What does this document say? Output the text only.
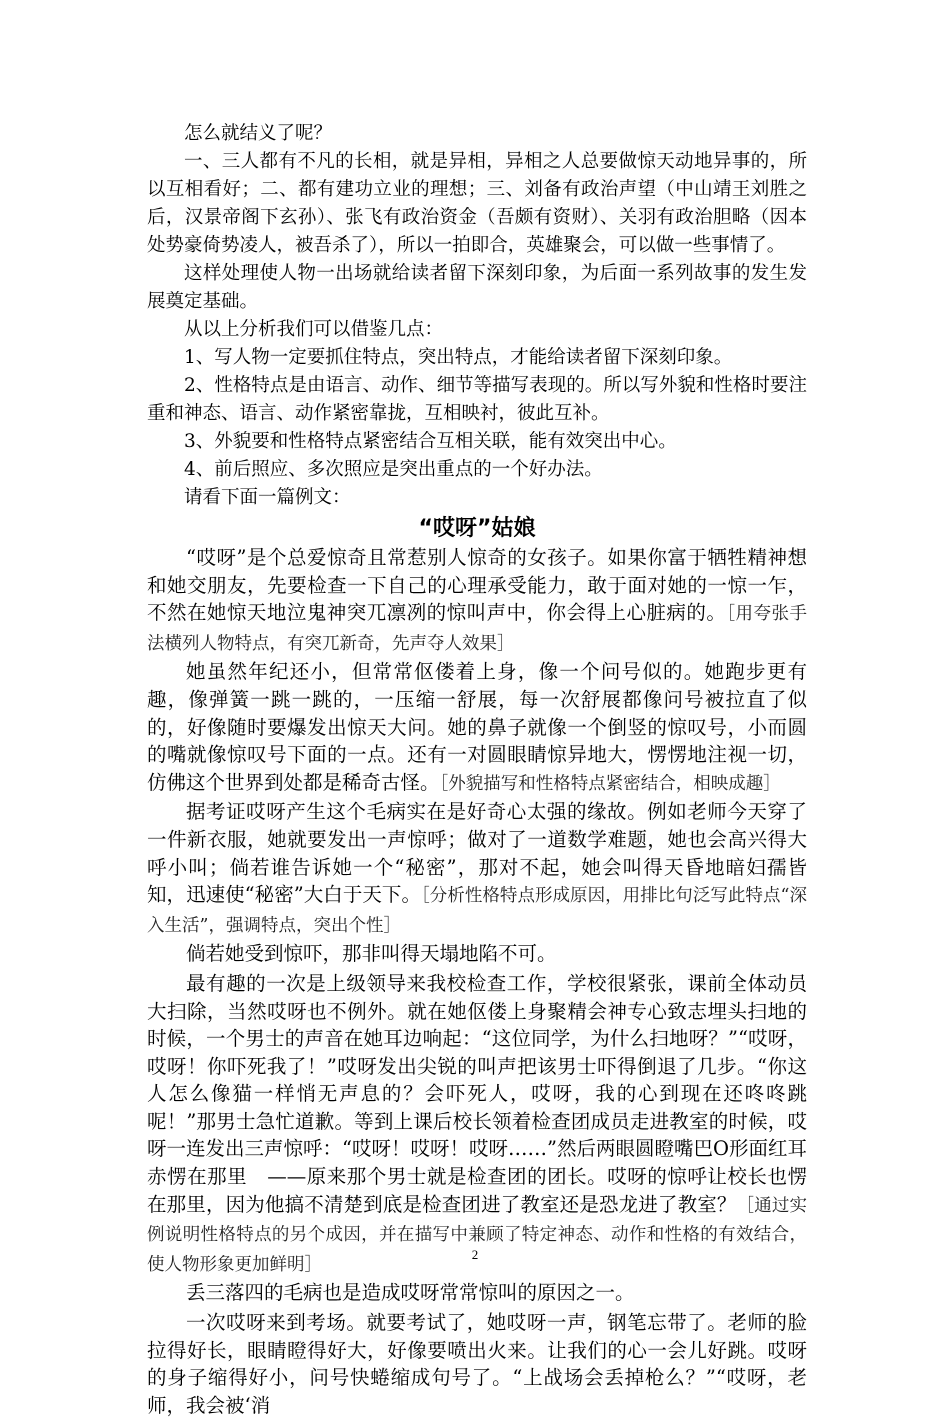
怎么就结义了呢？

一、三人都有不凡的长相，就是异相，异相之人总要做惊天动地异事的，所以互相看好；二、都有建功立业的理想；三、刘备有政治声望（中山靖王刘胜之后，汉景帝阁下玄孙）、张飞有政治资金（吾颇有资财）、关羽有政治胆略（因本处势豪倚势凌人，被吾杀了），所以一拍即合，英雄聚会，可以做一些事情了。

这样处理使人物一出场就给读者留下深刻印象，为后面一系列故事的发生发展奠定基础。

从以上分析我们可以借鉴几点：

1、写人物一定要抓住特点，突出特点，才能给读者留下深刻印象。

2、性格特点是由语言、动作、细节等描写表现的。所以写外貌和性格时要注重和神态、语言、动作紧密靠拢，互相映衬，彼此互补。

3、外貌要和性格特点紧密结合互相关联，能有效突出中心。

4、前后照应、多次照应是突出重点的一个好办法。

请看下面一篇例文：

“哎呀”姑娘

“哎呀”是个总爱惊奇且常惹别人惊奇的女孩子。如果你富于牺牲精神想和她交朋友，先要检查一下自己的心理承受能力，敢于面对她的一惊一乍，不然在她惊天地泣鬼神突兀凛冽的惊叫声中，你会得上心脏病的。［用夸张手法横列人物特点，有突兀新奇，先声夺人效果］

她虽然年纪还小，但常常伛偻着上身，像一个问号似的。她跑步更有趣，像弹簧一跳一跳的，一压缩一舒展，每一次舒展都像问号被拉直了似的，好像随时要爆发出惊天大问。她的鼻子就像一个倒竖的惊叹号，小而圆的嘴就像惊叹号下面的一点。还有一对圆眼睛惊异地大，愣愣地注视一切，仿佛这个世界到处都是稀奇古怪。［外貌描写和性格特点紧密结合，相映成趣］

据考证哎呀产生这个毛病实在是好奇心太强的缘故。例如老师今天穿了一件新衣服，她就要发出一声惊呼；做对了一道数学难题，她也会高兴得大呼小叫；倘若谁告诉她一个“秘密”，那对不起，她会叫得天昏地暗妇孺皆知，迅速使“秘密”大白于天下。［分析性格特点形成原因，用排比句泛写此特点“深入生活”，强调特点，突出个性］

倘若她受到惊吓，那非叫得天塌地陷不可。

最有趣的一次是上级领导来我校检查工作，学校很紧张，课前全体动员大扫除，当然哎呀也不例外。就在她伛偻上身聚精会神专心致志埋头扫地的时候，一个男士的声音在她耳边响起：“这位同学，为什么扫地呀？”“哎呀，哎呀！你吓死我了！”哎呀发出尖锐的叫声把该男士吓得倒退了几步。“你这人怎么像猫一样悄无声息的？会吓死人，哎呀，我的心到现在还咚咚跳呢！”那男士急忙道歉。等到上课后校长领着检查团成员走进教室的时候，哎呀一连发出三声惊呼：“哎呀！哎呀！哎呀……”然后两眼圆瞪嘴巴O形面红耳赤愣在那里　——原来那个男士就是检查团的团长。哎呀的惊呼让校长也愣在那里，因为他搞不清楚到底是检查团进了教室还是恐龙进了教室？［通过实例说明性格特点的另个成因，并在描写中兼顾了特定神态、动作和性格的有效结合，使人物形象更加鲜明］

丢三落四的毛病也是造成哎呀常常惊叫的原因之一。

一次哎呀来到考场。就要考试了，她哎呀一声，钢笔忘带了。老师的脸拉得好长，眼睛瞪得好大，好像要喷出火来。让我们的心一会儿好跳。哎呀的身子缩得好小，问号快蜷缩成句号了。“上战场会丢掉枪么？”“哎呀，老师，我会被‘消

2
